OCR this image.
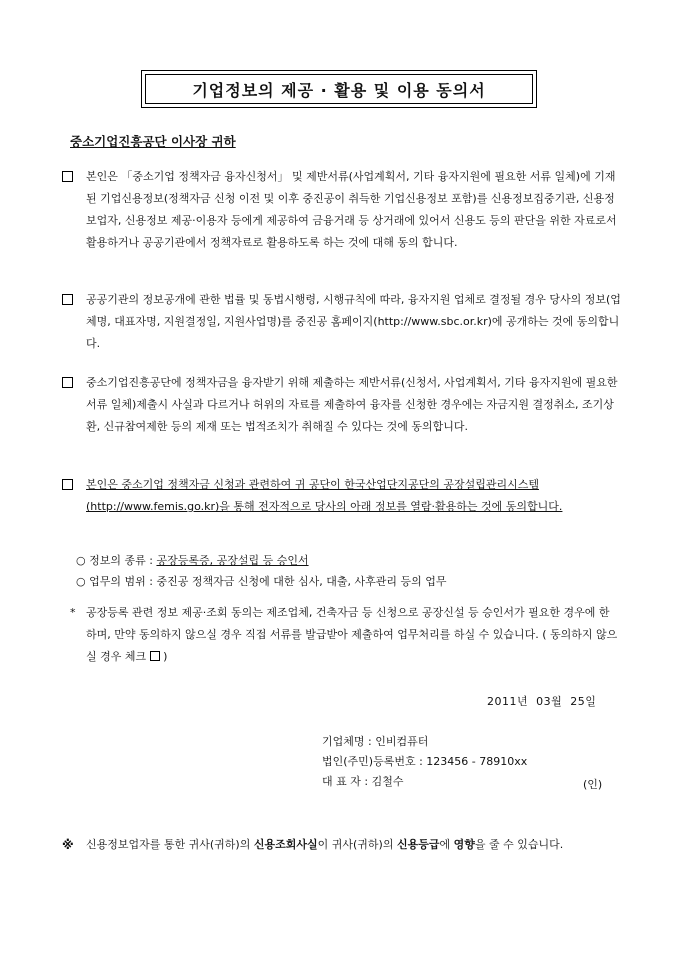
기업정보의 제공 · 활용 및 이용 동의서
중소기업진흥공단 이사장 귀하
본인은 「중소기업 정책자금 융자신청서」 및 제반서류(사업계획서, 기타 융자지원에 필요한 서류 일체)에 기재된 기업신용정보(정책자금 신청 이전 및 이후 중진공이 취득한 기업신용정보 포함)를 신용정보집중기관, 신용정보업자, 신용정보 제공·이용자 등에게 제공하여 금융거래 등 상거래에 있어서 신용도 등의 판단을 위한 자료로서 활용하거나 공공기관에서 정책자료로 활용하도록 하는 것에 대해 동의 합니다.
공공기관의 정보공개에 관한 법률 및 동법시행령, 시행규칙에 따라, 융자지원 업체로 결정될 경우 당사의 정보(업체명, 대표자명, 지원결정일, 지원사업명)를 중진공 홈페이지(http://www.sbc.or.kr)에 공개하는 것에 동의합니다.
중소기업진흥공단에 정책자금을 융자받기 위해 제출하는 제반서류(신청서, 사업계획서, 기타 융자지원에 필요한 서류 일체)제출시 사실과 다르거나 허위의 자료를 제출하여 융자를 신청한 경우에는 자금지원 결정취소, 조기상환, 신규참여제한 등의 제재 또는 법적조치가 취해질 수 있다는 것에 동의합니다.
본인은 중소기업 정책자금 신청과 관련하여 귀 공단이 한국산업단지공단의 공장설립관리시스템(http://www.femis.go.kr)을 통해 전자적으로 당사의 아래 정보를 열람·활용하는 것에 동의합니다.
○ 정보의 종류 : 공장등록증, 공장설립 등 승인서
○ 업무의 범위 : 중진공 정책자금 신청에 대한 심사, 대출, 사후관리 등의 업무
* 공장등록 관련 정보 제공·조회 동의는 제조업체, 건축자금 등 신청으로 공장신설 등 승인서가 필요한 경우에 한하며, 만약 동의하지 않으실 경우 직접 서류를 발급받아 제출하여 업무처리를 하실 수 있습니다. ( 동의하지 않으실 경우 체크 )
2011년 03월 25일
기업체명 : 인비컴퓨터
법인(주민)등록번호 : 123456 - 78910xx
대 표 자 : 김철수	(인)
※ 신용정보업자를 통한 귀사(귀하)의 신용조회사실이 귀사(귀하)의 신용등급에 영향을 줄 수 있습니다.
